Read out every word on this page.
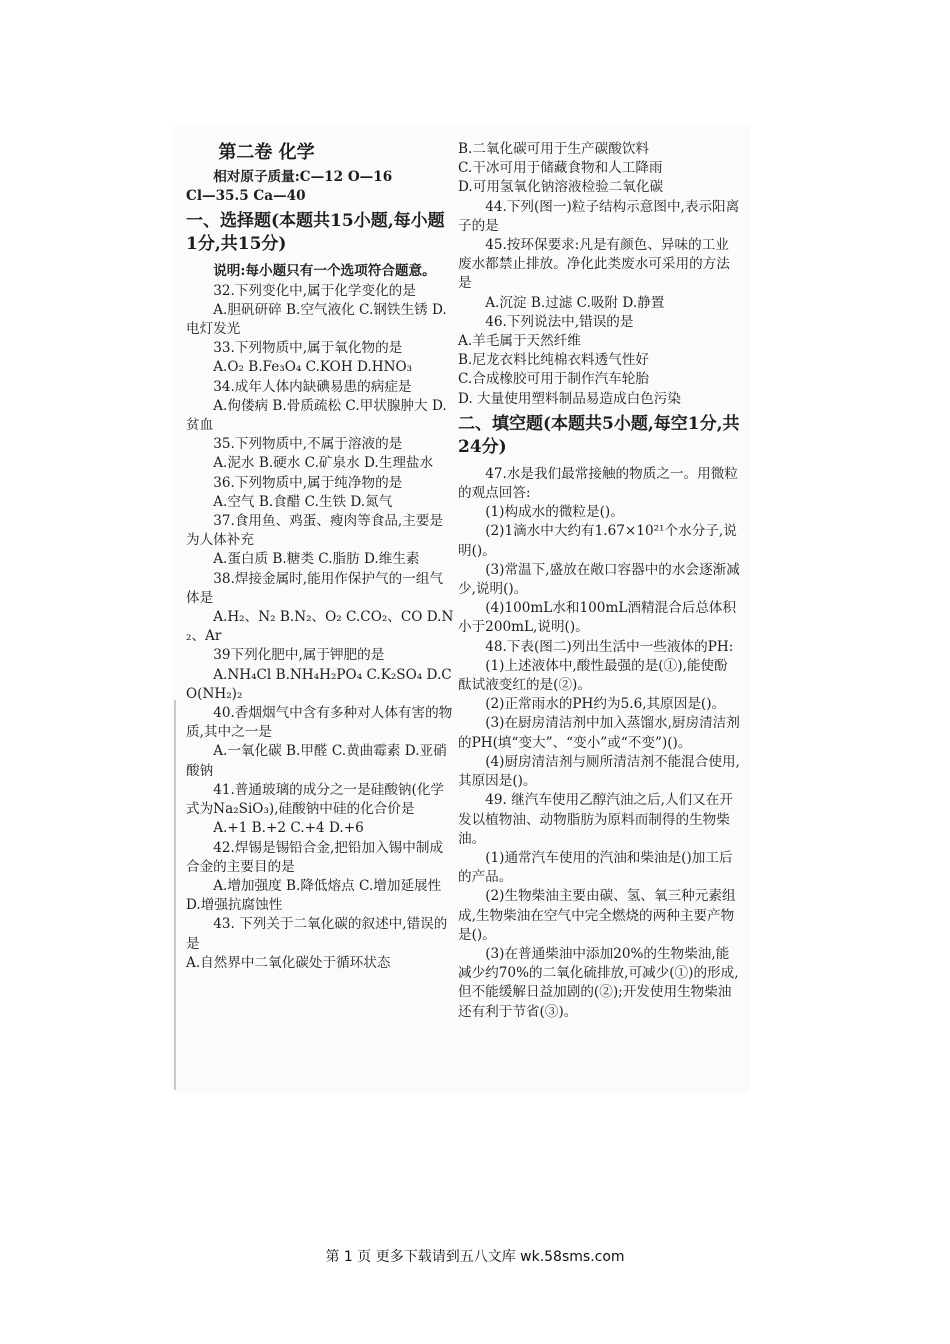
第二卷 化学

相对原子质量:C—12 O—16

Cl—35.5 Ca—40

一、选择题(本题共15小题,每小题1分,共15分)

说明:每小题只有一个选项符合题意。

32.下列变化中,属于化学变化的是

A.胆矾研碎 B.空气液化 C.钢铁生锈 D.电灯发光

33.下列物质中,属于氧化物的是

A.O₂ B.Fe₃O₄ C.KOH D.HNO₃

34.成年人体内缺碘易患的病症是

A.佝偻病 B.骨质疏松 C.甲状腺肿大 D.贫血

35.下列物质中,不属于溶液的是

A.泥水 B.硬水 C.矿泉水 D.生理盐水

36.下列物质中,属于纯净物的是

A.空气 B.食醋 C.生铁 D.氮气

37.食用鱼、鸡蛋、瘦肉等食品,主要是为人体补充

A.蛋白质 B.糖类 C.脂肪 D.维生素

38.焊接金属时,能用作保护气的一组气体是

A.H₂、N₂ B.N₂、O₂ C.CO₂、CO D.N₂、Ar

39下列化肥中,属于钾肥的是

A.NH₄Cl B.NH₄H₂PO₄ C.K₂SO₄ D.CO(NH₂)₂

40.香烟烟气中含有多种对人体有害的物质,其中之一是

A.一氧化碳 B.甲醛 C.黄曲霉素 D.亚硝酸钠

41.普通玻璃的成分之一是硅酸钠(化学式为Na₂SiO₃),硅酸钠中硅的化合价是

A.+1 B.+2 C.+4 D.+6

42.焊锡是锡铅合金,把铅加入锡中制成合金的主要目的是

A.增加强度 B.降低熔点 C.增加延展性 D.增强抗腐蚀性

43. 下列关于二氧化碳的叙述中,错误的是

A.自然界中二氧化碳处于循环状态

B.二氧化碳可用于生产碳酸饮料

C.干冰可用于储藏食物和人工降雨

D.可用氢氧化钠溶液检验二氧化碳

44.下列(图一)粒子结构示意图中,表示阳离子的是

45.按环保要求:凡是有颜色、异味的工业废水都禁止排放。净化此类废水可采用的方法是

A.沉淀 B.过滤 C.吸附 D.静置

46.下列说法中,错误的是

A.羊毛属于天然纤维

B.尼龙衣料比纯棉衣料透气性好

C.合成橡胶可用于制作汽车轮胎

D. 大量使用塑料制品易造成白色污染

二、填空题(本题共5小题,每空1分,共24分)

47.水是我们最常接触的物质之一。用微粒的观点回答:

(1)构成水的微粒是()。

(2)1滴水中大约有1.67×10²¹个水分子,说明()。

(3)常温下,盛放在敞口容器中的水会逐渐减少,说明()。

(4)100mL水和100mL酒精混合后总体积小于200mL,说明()。

48.下表(图二)列出生活中一些液体的PH:

(1)上述液体中,酸性最强的是(①),能使酚酞试液变红的是(②)。

(2)正常雨水的PH约为5.6,其原因是()。

(3)在厨房清洁剂中加入蒸馏水,厨房清洁剂的PH(填“变大”、“变小”或“不变”)()。

(4)厨房清洁剂与厕所清洁剂不能混合使用,其原因是()。

49. 继汽车使用乙醇汽油之后,人们又在开发以植物油、动物脂肪为原料而制得的生物柴油。

(1)通常汽车使用的汽油和柴油是()加工后的产品。

(2)生物柴油主要由碳、氢、氧三种元素组成,生物柴油在空气中完全燃烧的两种主要产物是()。

(3)在普通柴油中添加20%的生物柴油,能减少约70%的二氧化硫排放,可减少(①)的形成,但不能缓解日益加剧的(②);开发使用生物柴油还有利于节省(③)。

第 1 页 更多下载请到五八文库 wk.58sms.com
